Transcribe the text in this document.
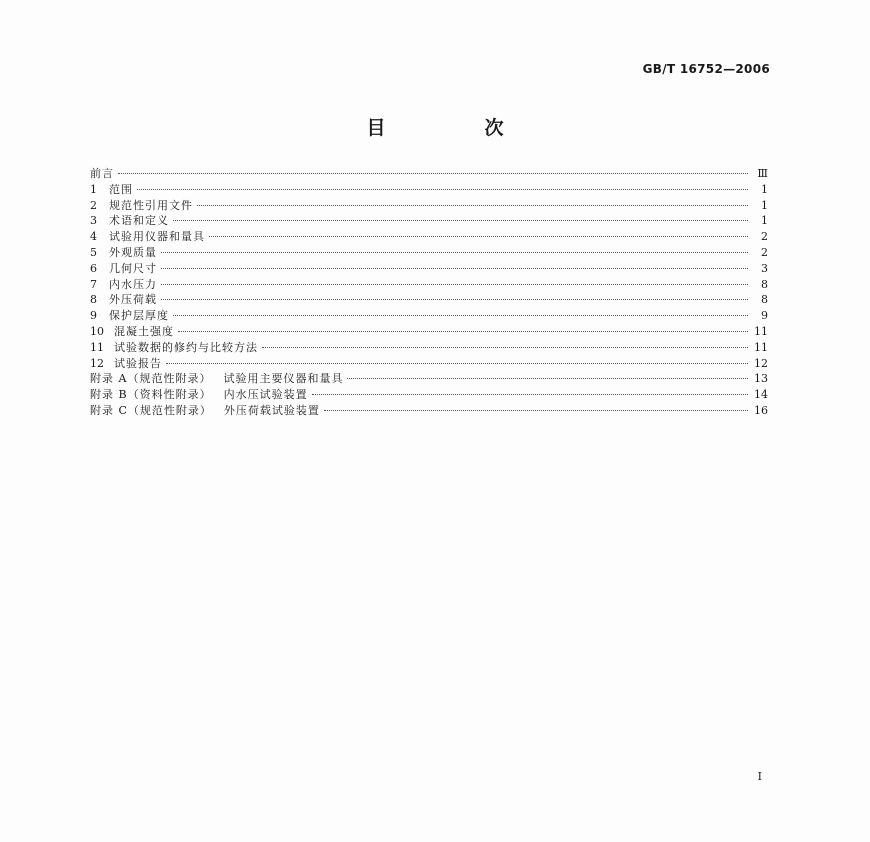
GB/T 16752—2006
目　次
前言	Ⅲ
1 范围	1
2 规范性引用文件	1
3 术语和定义	1
4 试验用仪器和量具	2
5 外观质量	2
6 几何尺寸	3
7 内水压力	8
8 外压荷载	8
9 保护层厚度	9
10 混凝土强度	11
11 试验数据的修约与比较方法	11
12 试验报告	12
附录 A（规范性附录） 试验用主要仪器和量具	13
附录 B（资料性附录） 内水压试验装置	14
附录 C（规范性附录） 外压荷载试验装置	16
I
